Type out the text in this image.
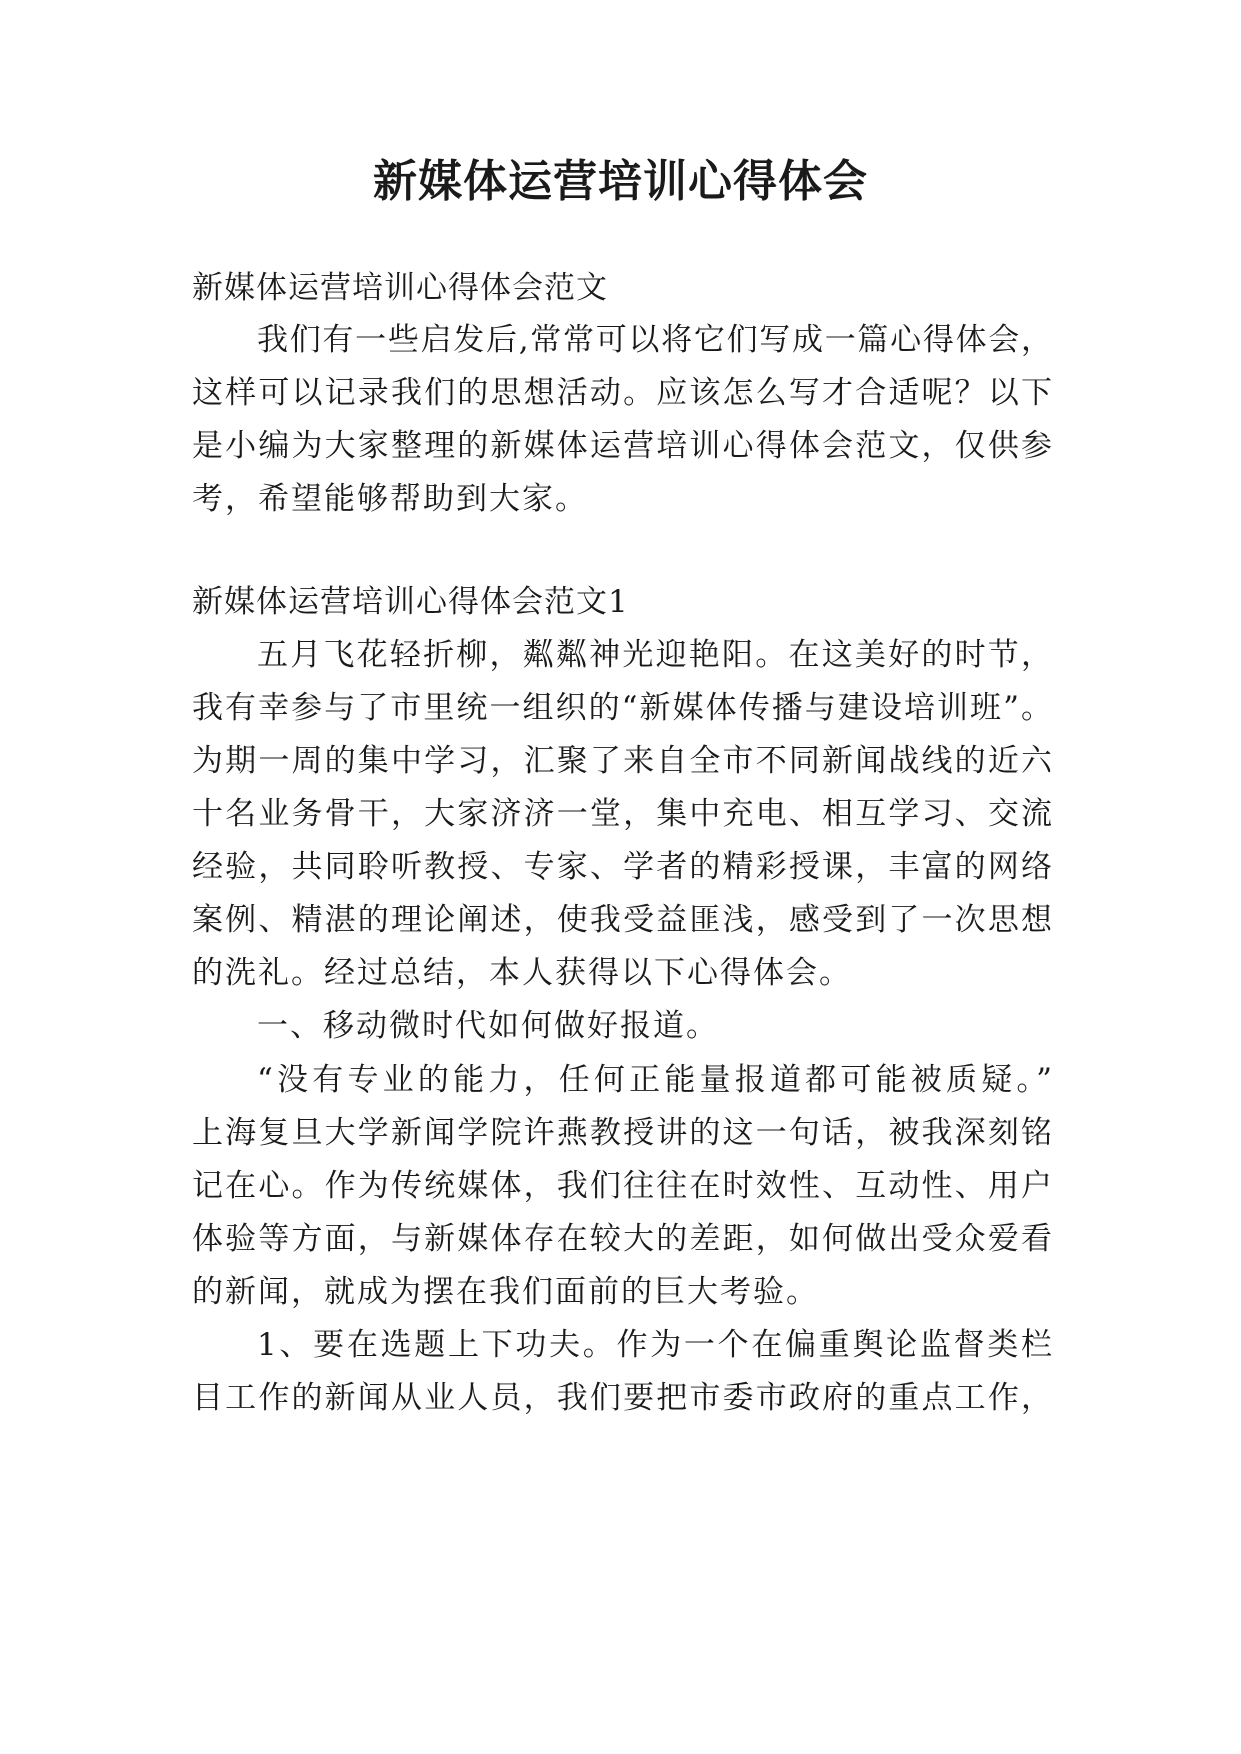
新媒体运营培训心得体会
新媒体运营培训心得体会范文
我们有一些启发后,常常可以将它们写成一篇心得体会，
这样可以记录我们的思想活动。应该怎么写才合适呢？以下
是小编为大家整理的新媒体运营培训心得体会范文，仅供参
考，希望能够帮助到大家。
新媒体运营培训心得体会范文1
五月飞花轻折柳，粼粼神光迎艳阳。在这美好的时节，
我有幸参与了市里统一组织的“新媒体传播与建设培训班”。
为期一周的集中学习，汇聚了来自全市不同新闻战线的近六
十名业务骨干，大家济济一堂，集中充电、相互学习、交流
经验，共同聆听教授、专家、学者的精彩授课，丰富的网络
案例、精湛的理论阐述，使我受益匪浅，感受到了一次思想
的洗礼。经过总结，本人获得以下心得体会。
一、移动微时代如何做好报道。
“没有专业的能力，任何正能量报道都可能被质疑。”
上海复旦大学新闻学院许燕教授讲的这一句话，被我深刻铭
记在心。作为传统媒体，我们往往在时效性、互动性、用户
体验等方面，与新媒体存在较大的差距，如何做出受众爱看
的新闻，就成为摆在我们面前的巨大考验。
1、要在选题上下功夫。作为一个在偏重舆论监督类栏
目工作的新闻从业人员，我们要把市委市政府的重点工作，
